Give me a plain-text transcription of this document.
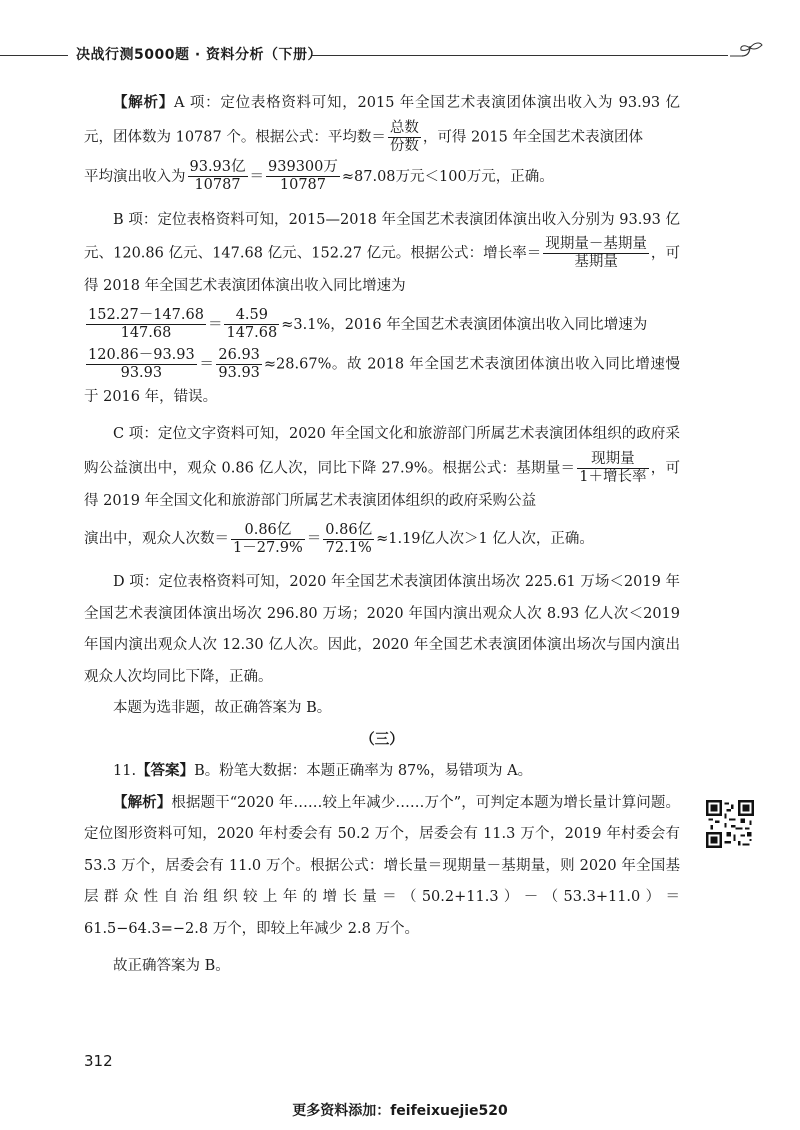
决战行测5000题 · 资料分析（下册）

【解析】A 项：定位表格资料可知，2015 年全国艺术表演团体演出收入为 93.93 亿元，团体数为 10787 个。根据公式：平均数＝ $\frac{\text{总数}}{\text{份数}}$ ，可得 2015 年全国艺术表演团体

平均演出收入为 $\frac{\text{93.93亿}}{10787} = \frac{\text{939300万}}{10787} \approx 87.08$万元＜100万元，正确。

B 项：定位表格资料可知，2015—2018 年全国艺术表演团体演出收入分别为 93.93 亿元、120.86 亿元、147.68 亿元、152.27 亿元。根据公式：增长率＝ $\frac{\text{现期量－基期量}}{\text{基期量}}$ ，可得 2018 年全国艺术表演团体演出收入同比增速为

$\frac{152.27-147.68}{147.68} = \frac{4.59}{147.68} \approx 3.1\%$，2016 年全国艺术表演团体演出收入同比增速为

$\frac{120.86-93.93}{93.93} = \frac{26.93}{93.93} \approx 28.67\%$。故 2018 年全国艺术表演团体演出收入同比增速慢于 2016 年，错误。

C 项：定位文字资料可知，2020 年全国文化和旅游部门所属艺术表演团体组织的政府采购公益演出中，观众 0.86 亿人次，同比下降 27.9%。根据公式：基期量＝ $\frac{\text{现期量}}{\text{1＋增长率}}$ ，可得 2019 年全国文化和旅游部门所属艺术表演团体组织的政府采购公益

演出中，观众人次数＝ $\frac{\text{0.86亿}}{1-27.9\%} = \frac{\text{0.86亿}}{72.1\%} \approx 1.19$亿人次＞1 亿人次，正确。

D 项：定位表格资料可知，2020 年全国艺术表演团体演出场次 225.61 万场＜2019 年全国艺术表演团体演出场次 296.80 万场；2020 年国内演出观众人次 8.93 亿人次＜2019 年国内演出观众人次 12.30 亿人次。因此，2020 年全国艺术表演团体演出场次与国内演出观众人次均同比下降，正确。

本题为选非题，故正确答案为 B。

（三）

11.【答案】B。粉笔大数据：本题正确率为 87%，易错项为 A。

【解析】根据题干“2020 年……较上年减少……万个”，可判定本题为增长量计算问题。定位图形资料可知，2020 年村委会有 50.2 万个，居委会有 11.3 万个，2019 年村委会有 53.3 万个，居委会有 11.0 万个。根据公式：增长量＝现期量－基期量，则 2020 年全国基层群众性自治组织较上年的增长量＝（50.2+11.3）－（53.3+11.0）＝61.5−64.3=−2.8 万个，即较上年减少 2.8 万个。

故正确答案为 B。

312
更多资料添加：feifeixuejie520
